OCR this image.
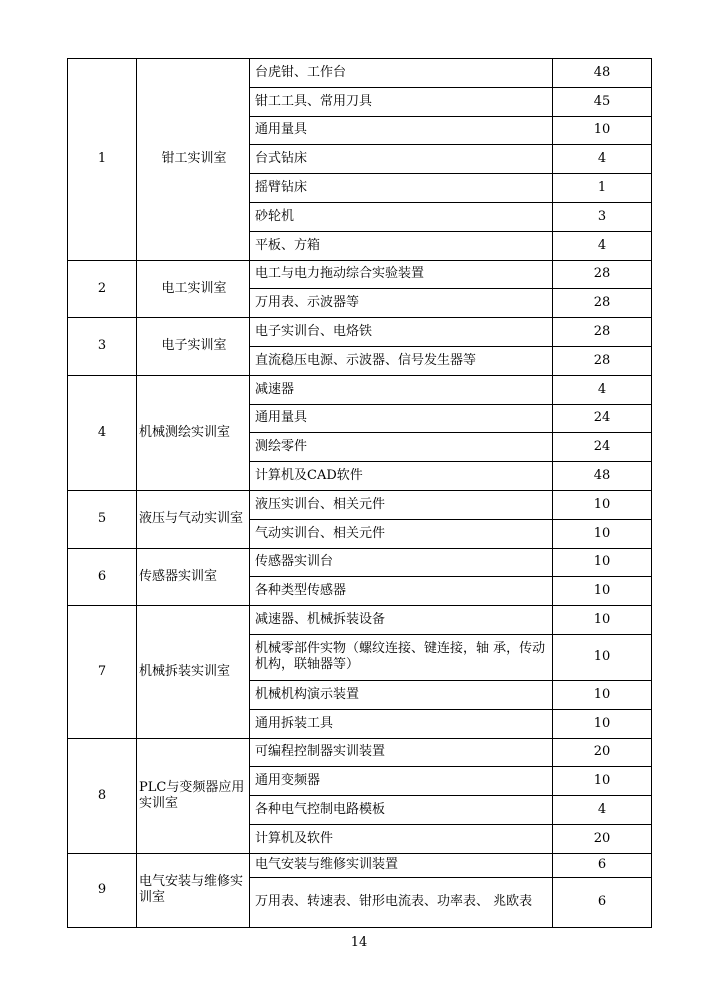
1	钳工实训室	台虎钳、工作台	48
		钳工工具、常用刀具	45
		通用量具	10
		台式钻床	4
		摇臂钻床	1
		砂轮机	3
		平板、方箱	4
2	电工实训室	电工与电力拖动综合实验装置	28
		万用表、示波器等	28
3	电子实训室	电子实训台、电烙铁	28
		直流稳压电源、示波器、信号发生器等	28
4	机械测绘实训室	减速器	4
		通用量具	24
		测绘零件	24
		计算机及CAD软件	48
5	液压与气动实训室	液压实训台、相关元件	10
		气动实训台、相关元件	10
6	传感器实训室	传感器实训台	10
		各种类型传感器	10
7	机械拆装实训室	减速器、机械拆装设备	10
		机械零部件实物（螺纹连接、键连接，轴 承，传动机构，联轴器等）	10
		机械机构演示装置	10
		通用拆装工具	10
8	PLC与变频器应用实训室	可编程控制器实训装置	20
		通用变频器	10
		各种电气控制电路模板	4
		计算机及软件	20
9	电气安装与维修实训室	电气安装与维修实训装置	6
		万用表、转速表、钳形电流表、功率表、 兆欧表	6
14
